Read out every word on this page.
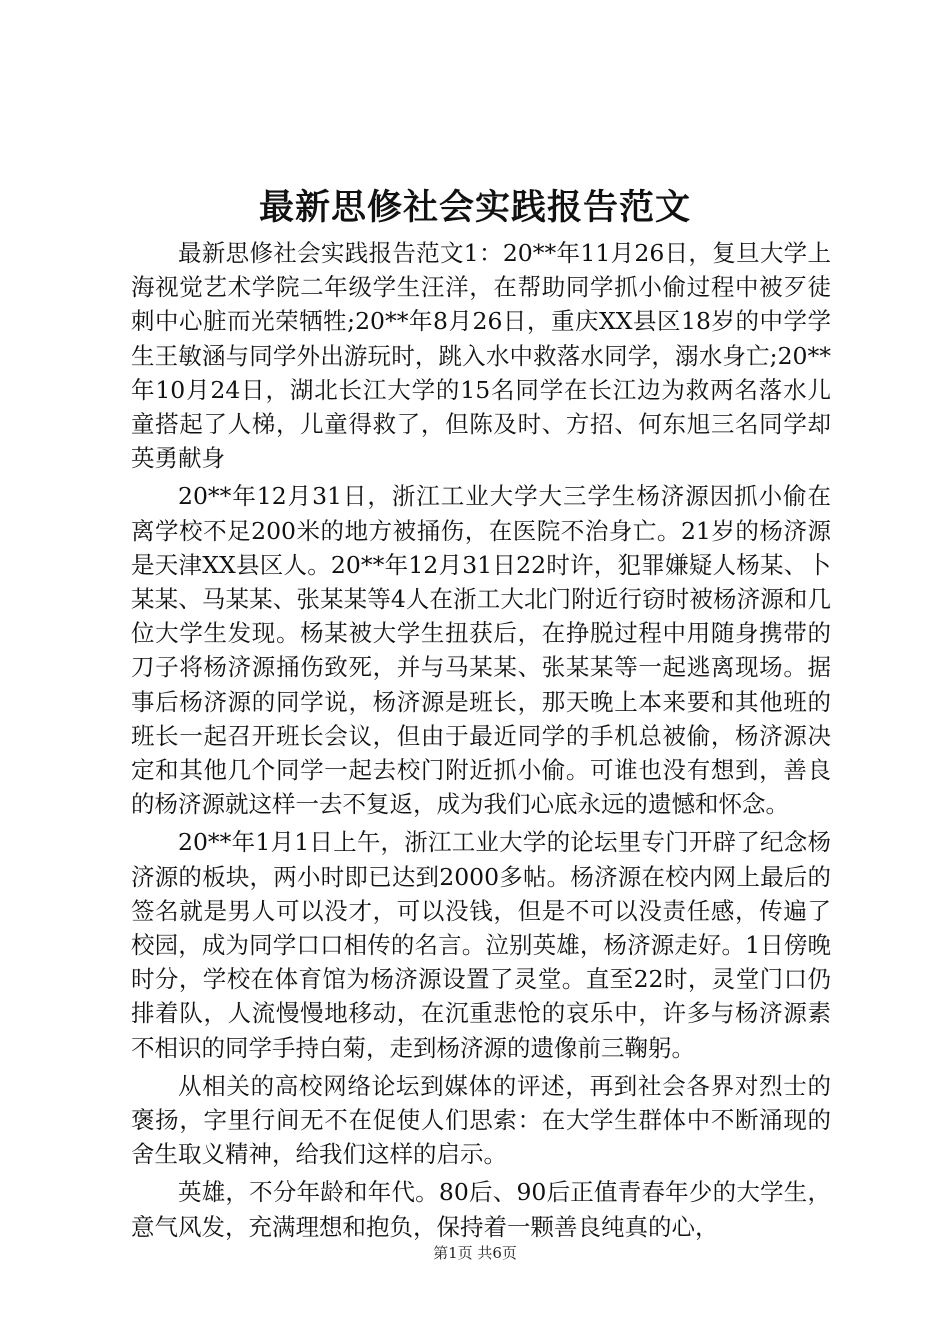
最新思修社会实践报告范文

最新思修社会实践报告范文1：20**年11月26日，复旦大学上海视觉艺术学院二年级学生汪洋，在帮助同学抓小偷过程中被歹徒刺中心脏而光荣牺牲;20**年8月26日，重庆XX县区18岁的中学学生王敏涵与同学外出游玩时，跳入水中救落水同学，溺水身亡;20**年10月24日，湖北长江大学的15名同学在长江边为救两名落水儿童搭起了人梯，儿童得救了，但陈及时、方招、何东旭三名同学却英勇献身

20**年12月31日，浙江工业大学大三学生杨济源因抓小偷在离学校不足200米的地方被捅伤，在医院不治身亡。21岁的杨济源是天津XX县区人。20**年12月31日22时许，犯罪嫌疑人杨某、卜某某、马某某、张某某等4人在浙工大北门附近行窃时被杨济源和几位大学生发现。杨某被大学生扭获后，在挣脱过程中用随身携带的刀子将杨济源捅伤致死，并与马某某、张某某等一起逃离现场。据事后杨济源的同学说，杨济源是班长，那天晚上本来要和其他班的班长一起召开班长会议，但由于最近同学的手机总被偷，杨济源决定和其他几个同学一起去校门附近抓小偷。可谁也没有想到，善良的杨济源就这样一去不复返，成为我们心底永远的遗憾和怀念。

20**年1月1日上午，浙江工业大学的论坛里专门开辟了纪念杨济源的板块，两小时即已达到2000多帖。杨济源在校内网上最后的签名就是男人可以没才，可以没钱，但是不可以没责任感，传遍了校园，成为同学口口相传的名言。泣别英雄，杨济源走好。1日傍晚时分，学校在体育馆为杨济源设置了灵堂。直至22时，灵堂门口仍排着队，人流慢慢地移动，在沉重悲怆的哀乐中，许多与杨济源素不相识的同学手持白菊，走到杨济源的遗像前三鞠躬。

从相关的高校网络论坛到媒体的评述，再到社会各界对烈士的褒扬，字里行间无不在促使人们思索：在大学生群体中不断涌现的舍生取义精神，给我们这样的启示。

英雄，不分年龄和年代。80后、90后正值青春年少的大学生，意气风发，充满理想和抱负，保持着一颗善良纯真的心，

第1页 共6页
